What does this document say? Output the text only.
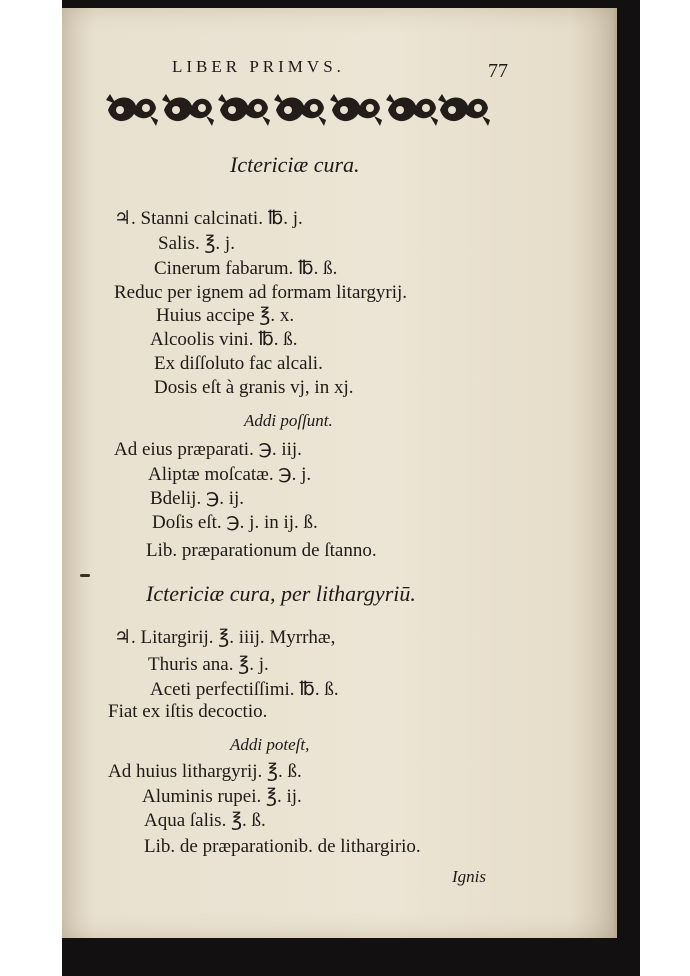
LIBER PRIMVS.	77
Ictericiæ cura.
♃. Stanni calcinati. ℔. j.
Salis. ℥. j.
Cinerum fabarum. ℔. ß.
Reduc per ignem ad formam litargyrij.
Huius accipe ℥. x.
Alcoolis vini. ℔. ß.
Ex diſſoluto fac alcali.
Dosis eſt à granis vj, in xj.
Addi poſſunt.
Ad eius præparati. ℈. iij.
Aliptæ moſcatæ. ℈. j.
Bdelij. ℈. ij.
Doſis eſt. ℈. j. in ij. ß.
Lib. præparationum de ſtanno.
Ictericiæ cura, per lithargyriū.
♃. Litargirij. ℥. iiij. Myrrhæ,
Thuris ana. ℥. j.
Aceti perfectiſſimi. ℔. ß.
Fiat ex iſtis decoctio.
Addi poteſt,
Ad huius lithargyrij. ℥. ß.
Aluminis rupei. ℥. ij.
Aqua ſalis. ℥. ß.
Lib. de præparationib. de lithargirio.
Ignis
